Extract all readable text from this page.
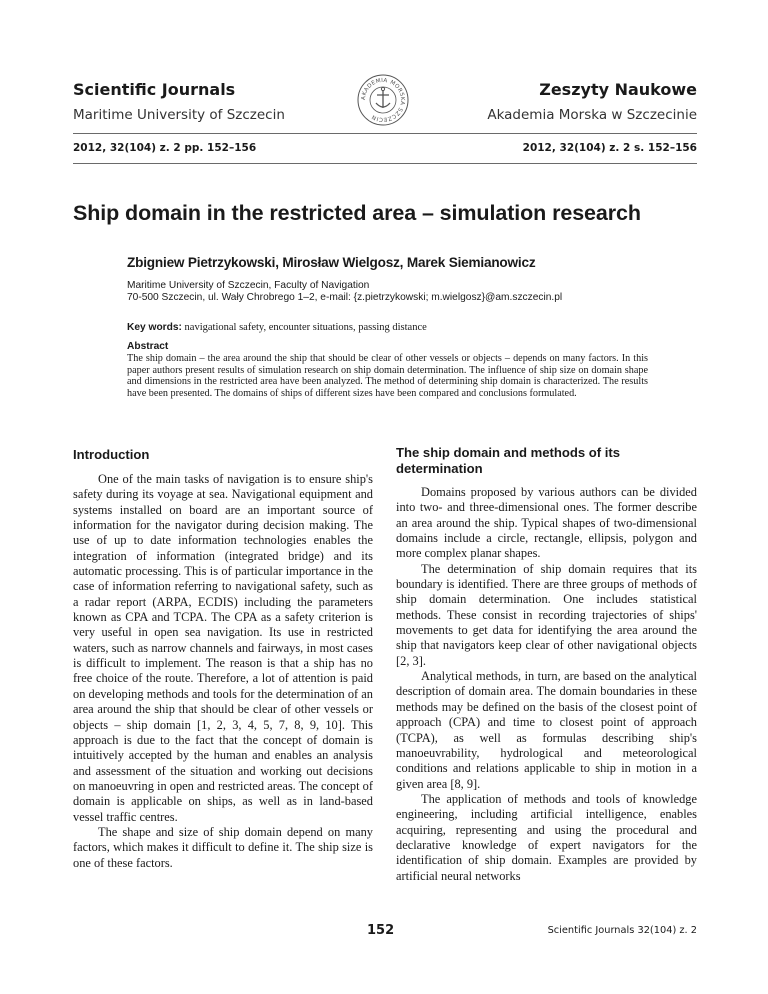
Scientific Journals
Maritime University of Szczecin
AKADEMIA MORSKA SZCZECIN
Zeszyty Naukowe
Akademia Morska w Szczecinie
2012, 32(104) z. 2 pp. 152–156	2012, 32(104) z. 2 s. 152–156
Ship domain in the restricted area – simulation research
Zbigniew Pietrzykowski, Mirosław Wielgosz, Marek Siemianowicz
Maritime University of Szczecin, Faculty of Navigation
70-500 Szczecin, ul. Wały Chrobrego 1–2, e-mail: {z.pietrzykowski; m.wielgosz}@am.szczecin.pl
Key words: navigational safety, encounter situations, passing distance
Abstract
The ship domain – the area around the ship that should be clear of other vessels or objects – depends on many factors. In this paper authors present results of simulation research on ship domain determination. The influence of ship size on domain shape and dimensions in the restricted area have been analyzed. The method of determining ship domain is characterized. The results have been presented. The domains of ships of different sizes have been compared and conclusions formulated.
Introduction

One of the main tasks of navigation is to ensure ship's safety during its voyage at sea. Navigational equipment and systems installed on board are an important source of information for the navigator during decision making. The use of up to date information technologies enables the integration of information (integrated bridge) and its automatic processing. This is of particular importance in the case of information referring to navigational safety, such as a radar report (ARPA, ECDIS) including the parameters known as CPA and TCPA. The CPA as a safety criterion is very useful in open sea navigation. Its use in restricted waters, such as narrow channels and fairways, in most cases is difficult to implement. The reason is that a ship has no free choice of the route. Therefore, a lot of attention is paid on developing methods and tools for the determination of an area around the ship that should be clear of other vessels or objects – ship domain [1, 2, 3, 4, 5, 7, 8, 9, 10]. This approach is due to the fact that the concept of domain is intuitively accepted by the human and enables an analysis and assessment of the situation and working out decisions on manoeuvring in open and restricted areas. The concept of domain is applicable on ships, as well as in land-based vessel traffic centres.

The shape and size of ship domain depend on many factors, which makes it difficult to define it. The ship size is one of these factors.

The ship domain and methods of its determination

Domains proposed by various authors can be divided into two- and three-dimensional ones. The former describe an area around the ship. Typical shapes of two-dimensional domains include a circle, rectangle, ellipsis, polygon and more complex planar shapes.

The determination of ship domain requires that its boundary is identified. There are three groups of methods of ship domain determination. One includes statistical methods. These consist in recording trajectories of ships' movements to get data for identifying the area around the ship that navigators keep clear of other navigational objects [2, 3].

Analytical methods, in turn, are based on the analytical description of domain area. The domain boundaries in these methods may be defined on the basis of the closest point of approach (CPA) and time to closest point of approach (TCPA), as well as formulas describing ship's manoeuvrability, hydrological and meteorological conditions and relations applicable to ship in motion in a given area [8, 9].

The application of methods and tools of knowledge engineering, including artificial intelligence, enables acquiring, representing and using the procedural and declarative knowledge of expert navigators for the identification of ship domain. Examples are provided by artificial neural networks

152	Scientific Journals 32(104) z. 2
